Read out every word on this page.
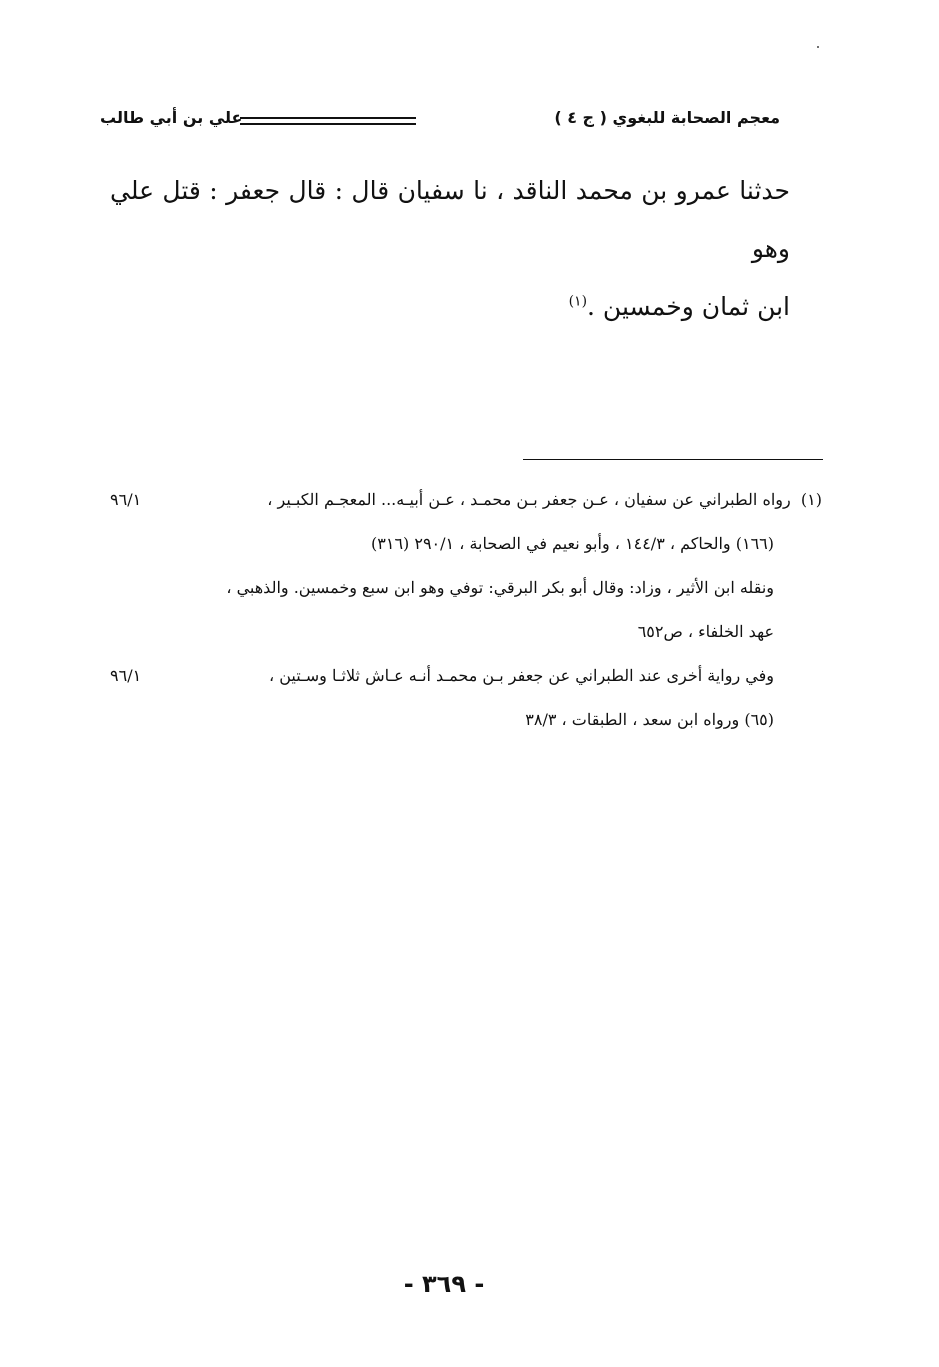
معجم الصحابة للبغوي ( ج ٤ )
علي بن أبي طالب
حدثنا عمرو بن محمد الناقد ، نا سفيان قال : قال جعفر : قتل علي وهو
ابن ثمان وخمسين .$^{(١)}$
(١)  رواه الطبراني عن سفيان ، عـن جعفر بـن محمـد ، عـن أبيـه... المعجـم الكبـير ،
٩٦/١
(١٦٦) والحاكم ، ١٤٤/٣ ، وأبو نعيم في الصحابة ، ٢٩٠/١ (٣١٦)
ونقله ابن الأثير ، وزاد: وقال أبو بكر البرقي: توفي وهو ابن سبع وخمسين. والذهبي ،
عهد الخلفاء ، ص٦٥٢
وفي رواية أخرى عند الطبراني عن جعفر بـن محمـد أنـه عـاش ثلاثـا وسـتين ،
٩٦/١
(٦٥) ورواه ابن سعد ، الطبقات ، ٣٨/٣
- ٣٦٩ -
